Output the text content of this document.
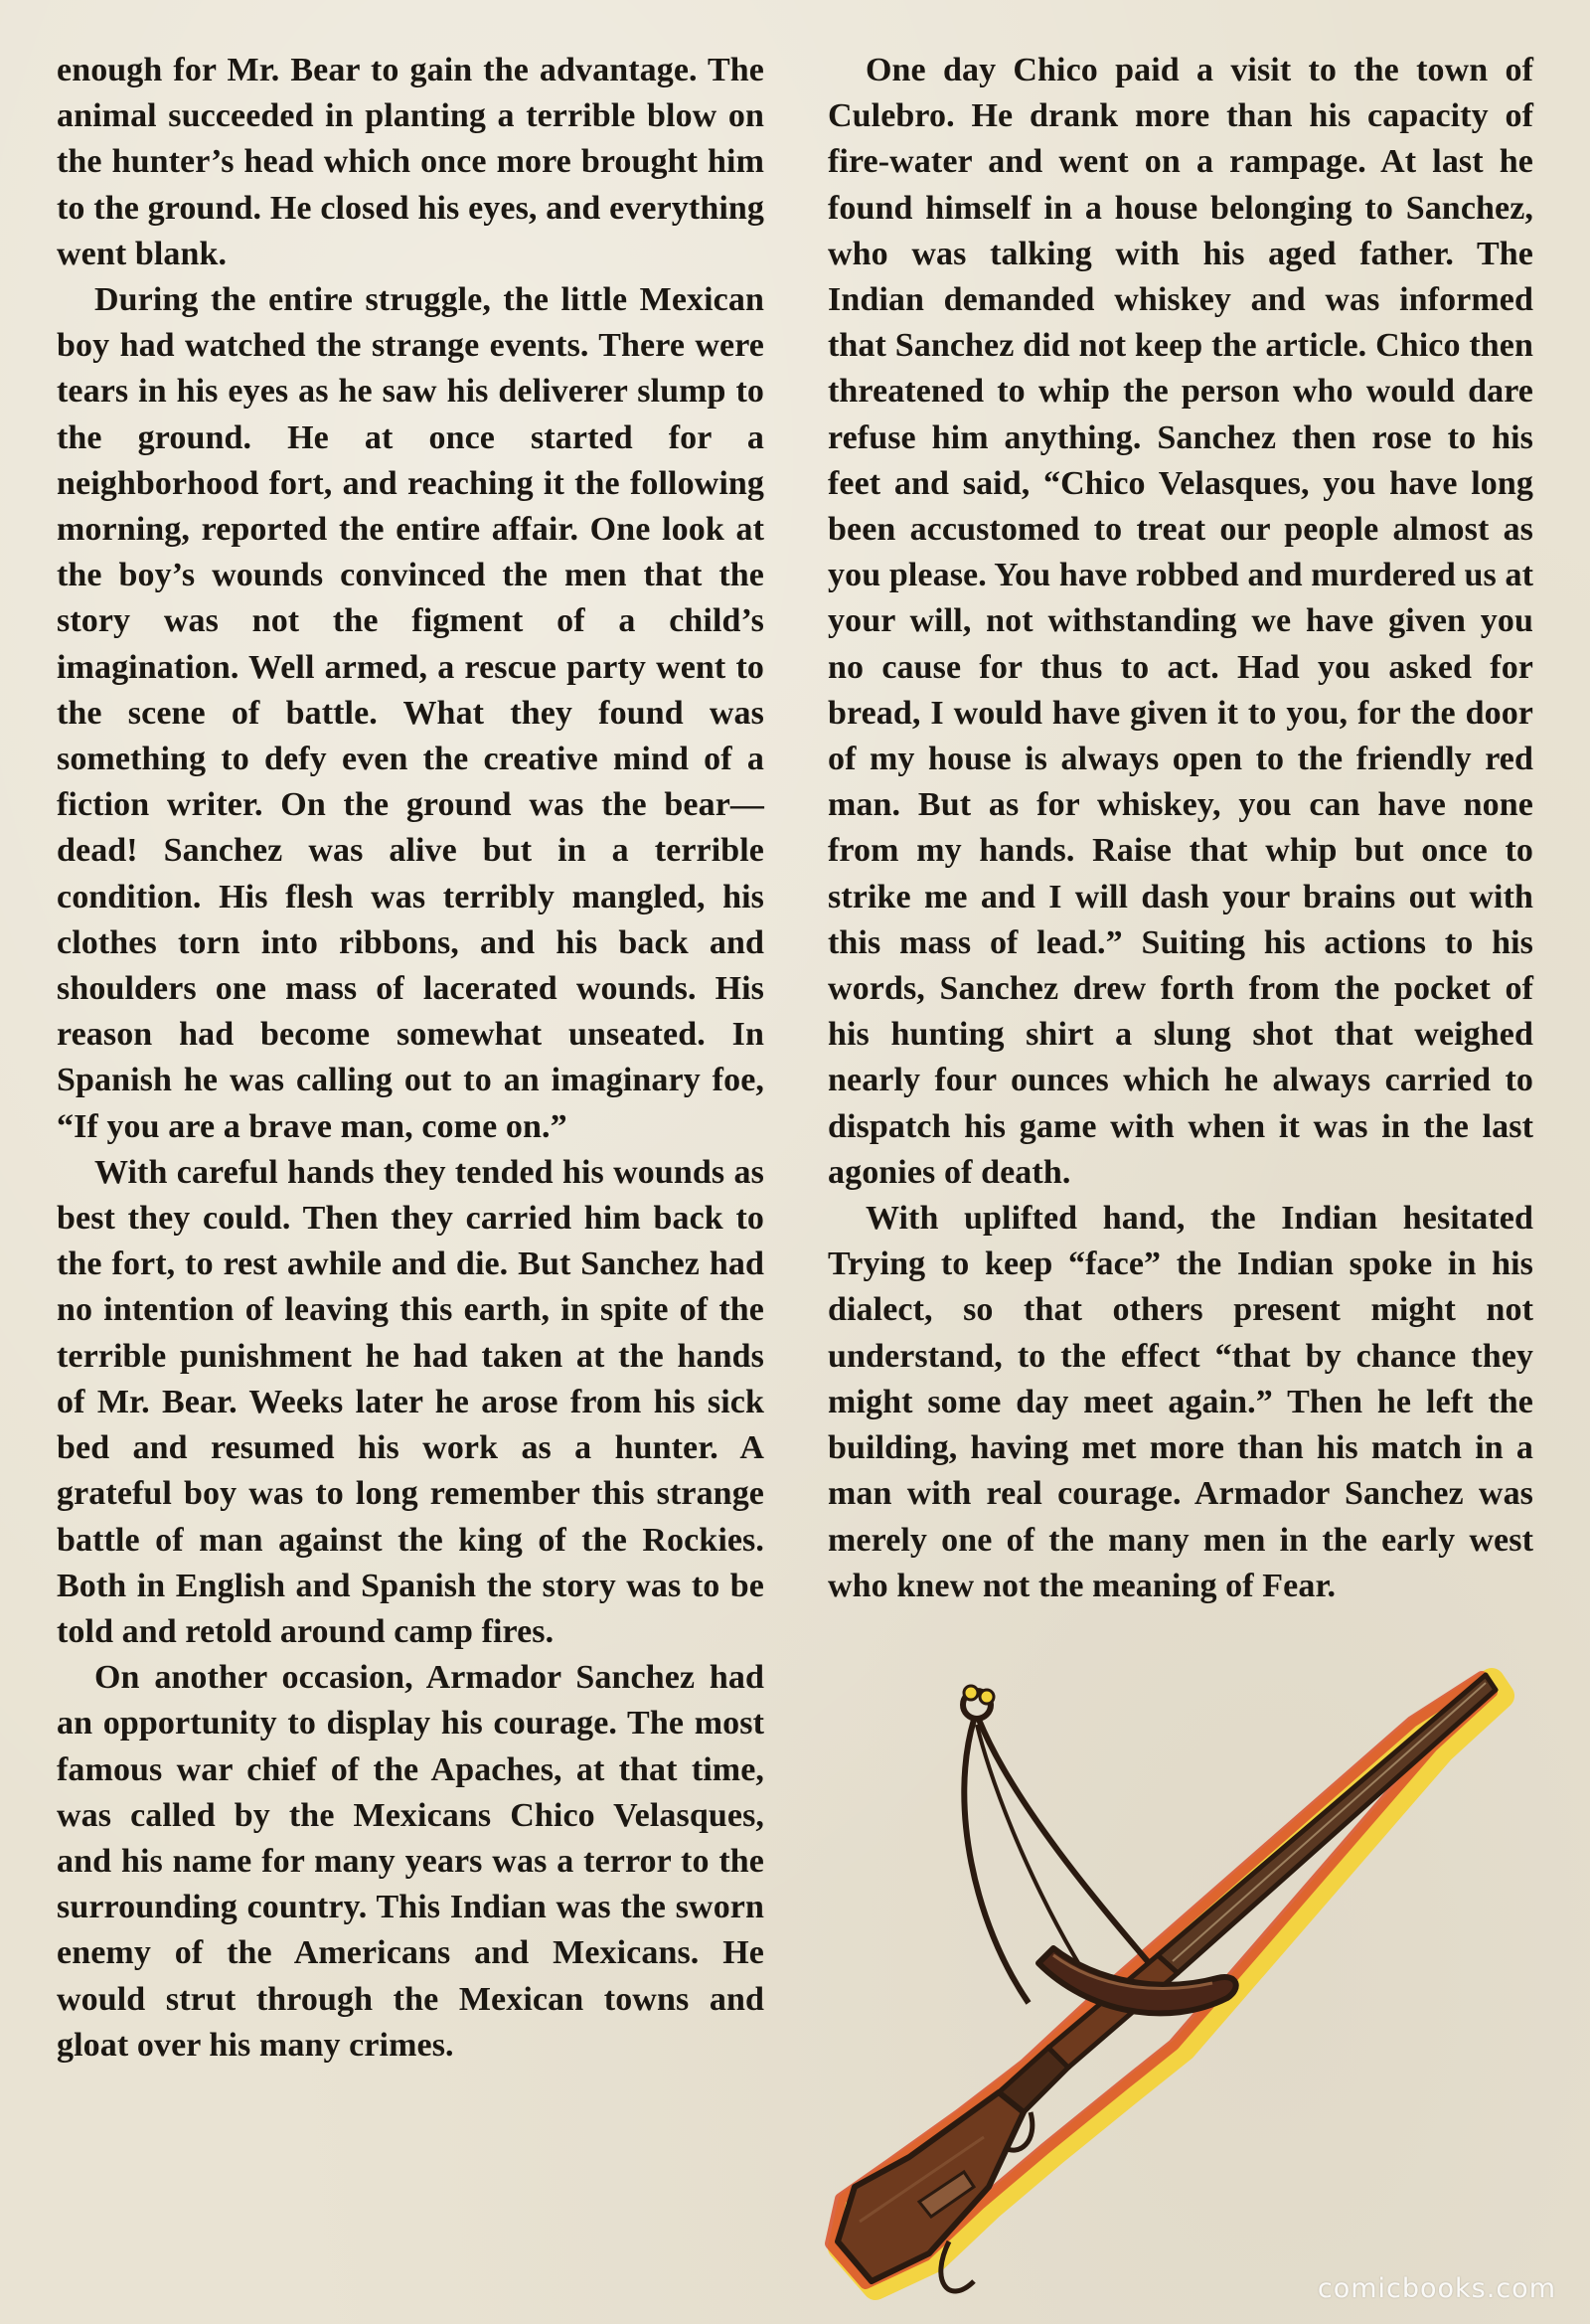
enough for Mr. Bear to gain the advantage. The animal succeeded in planting a terrible blow on the hunter’s head which once more brought him to the ground. He closed his eyes, and everything went blank.

During the entire struggle, the little Mexican boy had watched the strange events. There were tears in his eyes as he saw his deliverer slump to the ground. He at once started for a neighborhood fort, and reaching it the following morning, reported the entire affair. One look at the boy’s wounds convinced the men that the story was not the figment of a child’s imagination. Well armed, a rescue party went to the scene of battle. What they found was something to defy even the creative mind of a fiction writer. On the ground was the bear—dead! Sanchez was alive but in a terrible condition. His flesh was terribly mangled, his clothes torn into ribbons, and his back and shoulders one mass of lacerated wounds. His reason had become somewhat unseated. In Spanish he was calling out to an imaginary foe, “If you are a brave man, come on.”

With careful hands they tended his wounds as best they could. Then they carried him back to the fort, to rest awhile and die. But Sanchez had no intention of leaving this earth, in spite of the terrible punishment he had taken at the hands of Mr. Bear. Weeks later he arose from his sick bed and resumed his work as a hunter. A grateful boy was to long remember this strange battle of man against the king of the Rockies. Both in English and Spanish the story was to be told and retold around camp fires.

On another occasion, Armador Sanchez had an opportunity to display his courage. The most famous war chief of the Apaches, at that time, was called by the Mexicans Chico Velasques, and his name for many years was a terror to the surrounding country. This Indian was the sworn enemy of the Americans and Mexicans. He would strut through the Mexican towns and gloat over his many crimes.

One day Chico paid a visit to the town of Culebro. He drank more than his capacity of fire-water and went on a rampage. At last he found himself in a house belonging to Sanchez, who was talking with his aged father. The Indian demanded whiskey and was informed that Sanchez did not keep the article. Chico then threatened to whip the person who would dare refuse him anything. Sanchez then rose to his feet and said, “Chico Velasques, you have long been accustomed to treat our people almost as you please. You have robbed and murdered us at your will, not withstanding we have given you no cause for thus to act. Had you asked for bread, I would have given it to you, for the door of my house is always open to the friendly red man. But as for whiskey, you can have none from my hands. Raise that whip but once to strike me and I will dash your brains out with this mass of lead.” Suiting his actions to his words, Sanchez drew forth from the pocket of his hunting shirt a slung shot that weighed nearly four ounces which he always carried to dispatch his game with when it was in the last agonies of death.

With uplifted hand, the Indian hesitated Trying to keep “face” the Indian spoke in his dialect, so that others present might not understand, to the effect “that by chance they might some day meet again.” Then he left the building, having met more than his match in a man with real courage. Armador Sanchez was merely one of the many men in the early west who knew not the meaning of Fear.

comicbooks.com
